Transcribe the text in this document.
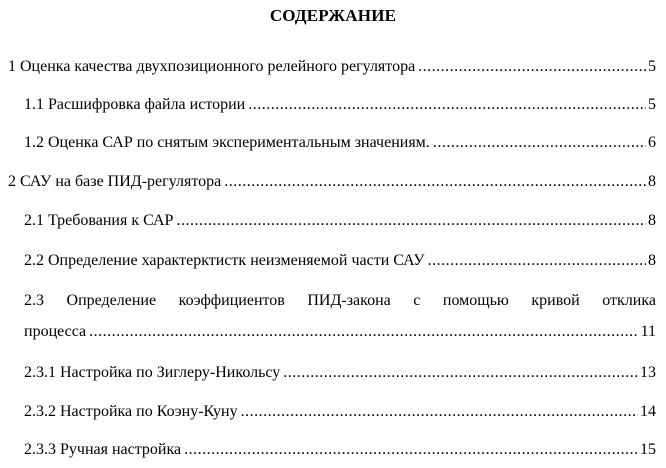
СОДЕРЖАНИЕ
1 Оценка качества двухпозиционного релейного регулятора .....	5
1.1 Расшифровка файла истории .....	5
1.2 Оценка САР по снятым экспериментальным значениям. .....	6
2 САУ на базе ПИД-регулятора .....	8
2.1 Требования к САР .....	8
2.2 Определение характерктистк неизменяемой части САУ .....	8
2.3 Определение коэффициентов ПИД-закона с помощью кривой отклика
процесса .....	11
2.3.1 Настройка по Зиглеру-Никольсу .....	13
2.3.2 Настройка по Коэну-Куну .....	14
2.3.3 Ручная настройка .....	15
